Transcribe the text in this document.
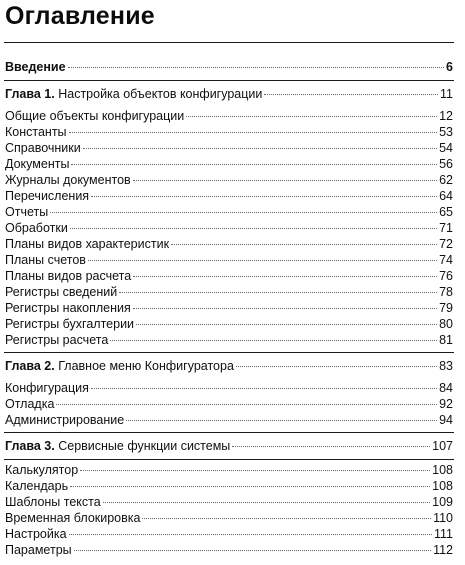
Оглавление
Введение	6
Глава 1. Настройка объектов конфигурации	11
Общие объекты конфигурации	12
Константы	53
Справочники	54
Документы	56
Журналы документов	62
Перечисления	64
Отчеты	65
Обработки	71
Планы видов характеристик	72
Планы счетов	74
Планы видов расчета	76
Регистры сведений	78
Регистры накопления	79
Регистры бухгалтерии	80
Регистры расчета	81
Глава 2. Главное меню Конфигуратора	83
Конфигурация	84
Отладка	92
Администрирование	94
Глава 3. Сервисные функции системы	107
Калькулятор	108
Календарь	108
Шаблоны текста	109
Временная блокировка	110
Настройка	111
Параметры	112
